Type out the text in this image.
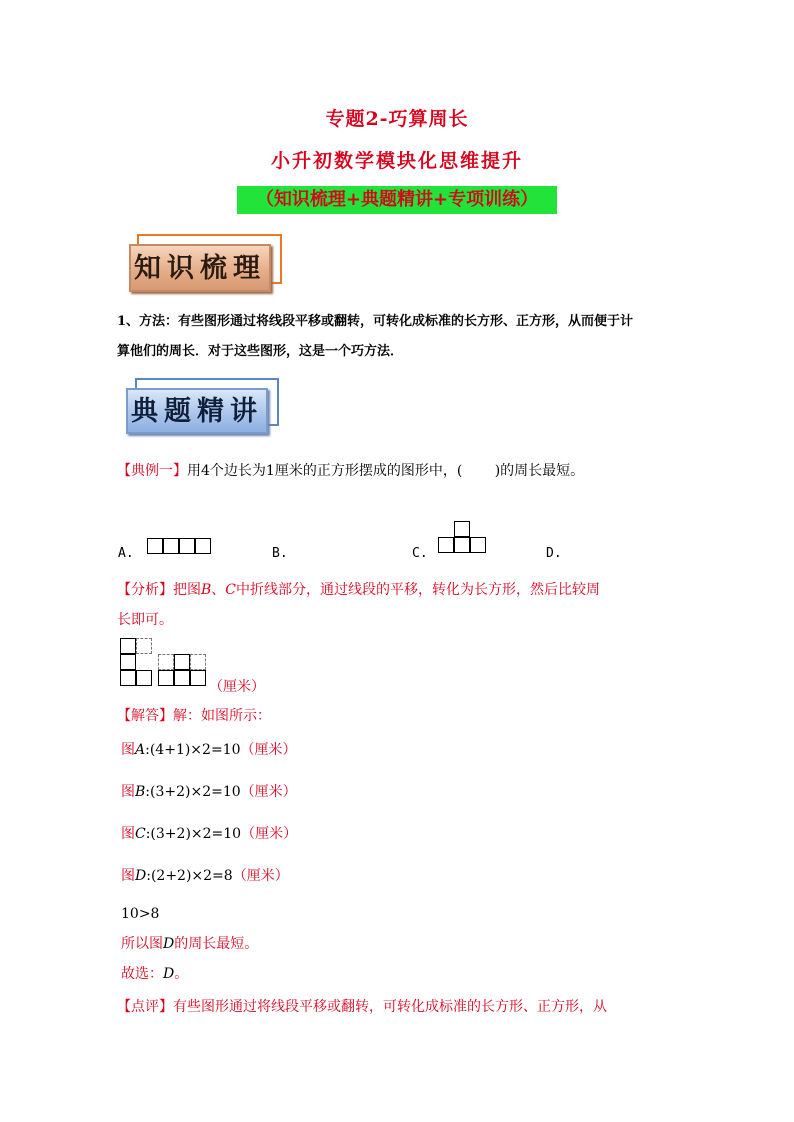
专题2-巧算周长
小升初数学模块化思维提升
（知识梳理+典题精讲+专项训练）
知识梳理
1、方法：有些图形通过将线段平移或翻转，可转化成标准的长方形、正方形，从而便于计
算他们的周长．对于这些图形，这是一个巧方法．
典题精讲
【典例一】用4个边长为1厘米的正方形摆成的图形中，(　　 )的周长最短。
A.	B.	C.	D.
【分析】把图B、C中折线部分，通过线段的平移，转化为长方形，然后比较周
长即可。
（厘米）
【解答】解：如图所示：
图A:(4+1)×2=10（厘米）
图B:(3+2)×2=10（厘米）
图C:(3+2)×2=10（厘米）
图D:(2+2)×2=8（厘米）
10>8
所以图D的周长最短。
故选：D。
【点评】有些图形通过将线段平移或翻转，可转化成标准的长方形、正方形，从
